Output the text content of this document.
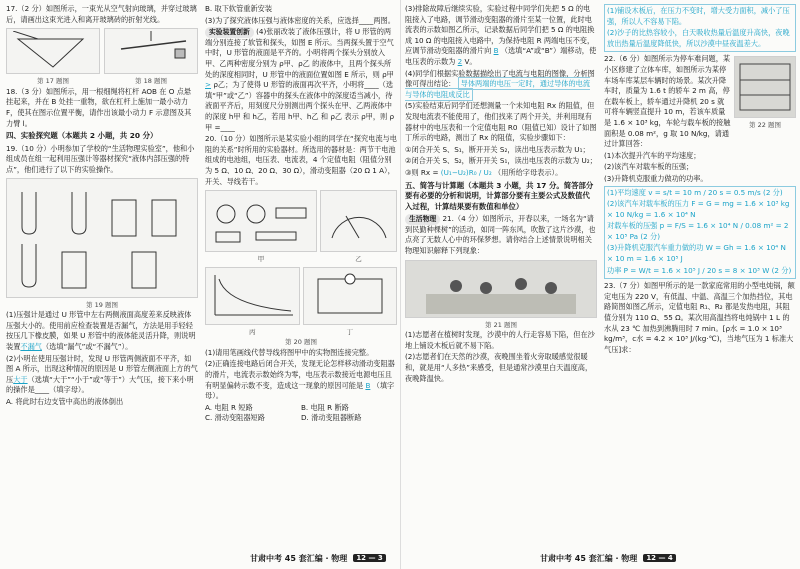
17.（2 分）如图所示，一束光从空气射向玻璃，并穿过玻璃后，请画出这束光进入和离开玻璃砖的折射光线。

第 17 题图	第 18 题图

18.（3 分）如图所示，用一根细绳将杠杆 AOB 在 O 点悬挂起来，并在 B 处挂一重物，欲在杠杆上施加一最小动力 F，使其在图示位置平衡，请作出该最小动力 F 示意图及其力臂 l。

四、实验探究题（本题共 2 小题，共 20 分）

19.（10 分）小明参加了学校的“生活物理实验室”，他和小组成员在组一起利用压强计等器材探究“液体内部压强的特点”，他们进行了以下的实验操作。

第 19 题图

(1)压强计是通过 U 形管中左右两侧液面高度差来反映液体压强大小的。使用前应检查装置是否漏气，方法是用手轻轻按压几下橡皮膜，如果 U 形管中的液体能灵活升降，则说明装置不漏气（选填“漏气”或“不漏气”）。

(2)小明在使用压强计时，发现 U 形管两侧液面不平齐，如图 A 所示，出现这种情况的原因是 U 形管左侧液面上方的气压大于（选填“大于”“小于”或“等于”）大气压，接下来小明的操作是____（填字母）。

A. 将此时右边支管中高出的液体倒出

B. 取下软管重新安装

(3)为了探究液体压强与液体密度的关系，应选择____两图。

实验装置创新 (4)张丽改装了液体压强计，将 U 形管的两端分别连接了软管和探头，如图 E 所示。当两探头置于空气中时，U 形管的液面是平齐的。小明将两个探头分别放入甲、乙两种密度分别为 ρ甲、ρ乙 的液体中，且两个探头所处的深度相同时，U 形管中的液面位置如图 E 所示，则 ρ甲 > ρ乙；为了使得 U 形管的液面再次平齐，小明将____（选填“甲”或“乙”）容器中的探头在液体中的深度适当减小，待液面平齐后，用刻度尺分别测出两个探头在甲、乙两液体中的深度 h甲 和 h乙，若用 h甲、h乙 和 ρ乙 表示 ρ甲，则 ρ甲 =____

20.（10 分）如图所示是某实验小组的同学在“探究电流与电阻的关系”时所用的实验器材。所选用的器材是：两节干电池组成的电池组，电压表、电流表，4 个定值电阻（阻值分别为 5 Ω、10 Ω、20 Ω、30 Ω），滑动变阻器（20 Ω 1 A），开关、导线若干。

甲	乙
丙	丁
第 20 题图

(1)请用笔画线代替导线将图甲中的实物图连接完整。

(2)正确连接电路后闭合开关，发现无论怎样移动滑动变阻器的滑片，电流表示数始终为零，电压表示数接近电源电压且有明显偏转示数不变，造成这一现象的原因可能是 B （填字母）。

A. 电阻 R 短路	B. 电阻 R 断路
C. 滑动变阻器短路	D. 滑动变阻器断路

(3)排除故障后继续实验，实验过程中同学们先把 5 Ω 的电阻接入了电路，调节滑动变阻器的滑片至某一位置，此时电流表的示数如图乙所示，记录数据后同学们把 5 Ω 的电阻换成 10 Ω 的电阻接入电路中，为保持电阻 R 两端电压不变，应调节滑动变阻器的滑片向 B （选填“A”或“B”）端移动，使电压表的示数为 2 V。

(4)同学们根据实验数据描绘出了电流与电阻的图像，分析图像可得出结论： 导体两端的电压一定时，通过导体的电流与导体的电阻成反比

(5)实验结束后同学们还想测量一个未知电阻 Rx 的阻值，但发现电流表不能使用了，他们找来了两个开关，并利用现有器材中的电压表和一个定值电阻 R0（阻值已知）设计了如图丁所示的电路，测出了 Rx 的阻值，实验步骤如下：

①闭合开关 S、S₁，断开开关 S₂，读出电压表示数为 U₁；

②闭合开关 S、S₂，断开开关 S₁，读出电压表的示数为 U₂；

③则 Rx = (U₁−U₂)R₀ / U₂ （用所给字母表示）。

五、简答与计算题（本题共 3 小题，共 17 分。简答部分要有必要的分析和说明，计算部分要有主要公式及数值代入过程，计算结果要有数值和单位）

生活物理 21.（4 分）如图所示，开春以来，一场名为“请到民勤种棵树”的活动，如同一阵东风，吹散了这片沙漠，也点亮了无数人心中的环保梦想。请你结合上述情景说明相关物理知识解释下列现象：

第 21 题图

(1)志愿者在植树时发现，沙漠中的人行走容易下陷，但在沙地上铺设木板后就不易下陷。

(2)志愿者们在天然的沙漠，夜晚围坐着火旁取暖感觉很暖和，就是用“人多热”来感受，但是通常沙漠里白天温度高，夜晚降温快。

(1)铺设木板后，在压力不变时，增大受力面积，减小了压强，所以人不容易下陷。

(2)沙子的比热容较小，白天吸收热量后温度升高快，夜晚放出热量后温度降低快，所以沙漠中昼夜温差大。

22.（6 分）如图所示为停车难问题，某小区修建了立体车库，如图所示为某停车场车库某层车辆时的场景。某次升降车时，质量为 1.6 t 的轿车 2 m 高，停在载车板上，轿车通过升降机 20 s 就可将车辆竖直提升 10 m，若该车质量是 1.6 × 10³ kg，车轮与载车板的接触面积是 0.08 m²，g 取 10 N/kg，请通过计算回答：

第 22 题图

(1)本次提升汽车的平均速度；

(2)该汽车对载车板的压强；

(3)升降机克服重力做功的功率。

(1)平均速度 v = s/t = 10 m / 20 s = 0.5 m/s (2 分)

(2)该汽车对载车板的压力 F = G = mg = 1.6 × 10³ kg × 10 N/kg = 1.6 × 10⁴ N

对载车板的压强 p = F/S = 1.6 × 10⁴ N / 0.08 m² = 2 × 10⁵ Pa (2 分)

(3)升降机克服汽车重力做的功 W = Gh = 1.6 × 10⁴ N × 10 m = 1.6 × 10⁵ J

功率 P = W/t = 1.6 × 10⁵ J / 20 s = 8 × 10³ W (2 分)

23.（7 分）如图甲所示的是一款家庭常用的小型电炖锅，额定电压为 220 V，有低温、中温、高温三个加热挡位，其电路简图如图乙所示，定值电阻 R₁、R₂ 都是发热电阻，其阻值分别为 110 Ω、55 Ω。某次用高温挡将电炖锅中 1 L 的水从 23 ℃ 加热到沸腾用时 7 min。[ρ水 = 1.0 × 10³ kg/m³，c水 = 4.2 × 10³ J/(kg·℃)，当地气压为 1 标准大气压]求：

甘肃中考 45 套汇编 · 物理	12 — 3	甘肃中考 45 套汇编 · 物理	12 — 4
